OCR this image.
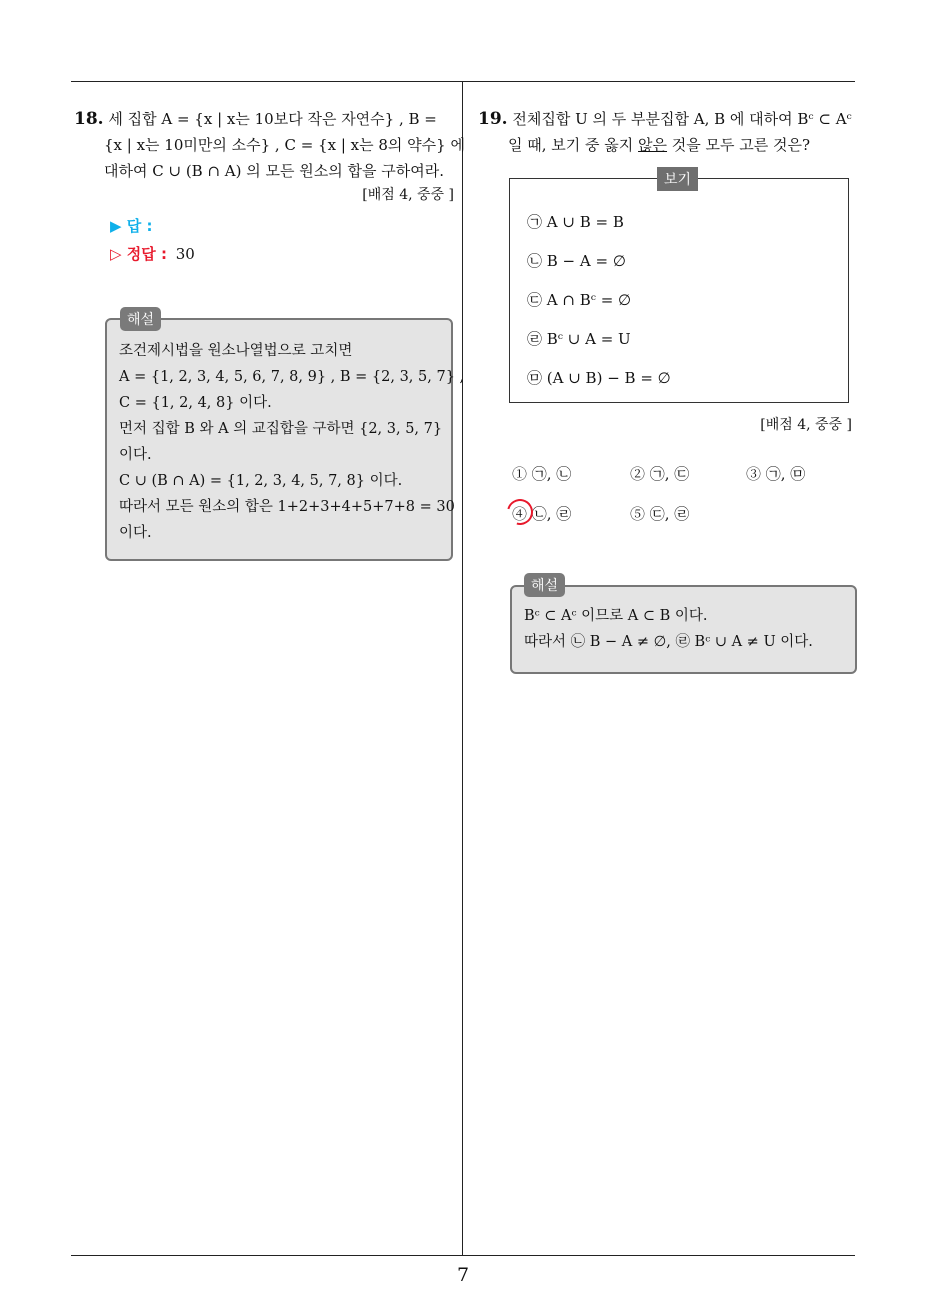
18. 세 집합 A = {x | x는 10보다 작은 자연수} , B =
{x | x는 10미만의 소수} , C = {x | x는 8의 약수} 에
대하여 C ∪ (B ∩ A) 의 모든 원소의 합을 구하여라.
[배점 4, 중중 ]
▶ 답 :
▷ 정답 : 30
조건제시법을 원소나열법으로 고치면
A = {1, 2, 3, 4, 5, 6, 7, 8, 9} , B = {2, 3, 5, 7} ,
C = {1, 2, 4, 8} 이다.
먼저 집합 B 와 A 의 교집합을 구하면 {2, 3, 5, 7}
이다.
C ∪ (B ∩ A) = {1, 2, 3, 4, 5, 7, 8} 이다.
따라서 모든 원소의 합은 1+2+3+4+5+7+8 = 30
이다.
해설
19. 전체집합 U 의 두 부분집합 A, B 에 대하여 Bᶜ ⊂ Aᶜ
일 때, 보기 중 옳지 않은 것을 모두 고른 것은?
㉠ A ∪ B = B
㉡ B − A = ∅
㉢ A ∩ Bᶜ = ∅
㉣ Bᶜ ∪ A = U
㉤ (A ∪ B) − B = ∅
보기
[배점 4, 중중 ]
① ㉠, ㉡	② ㉠, ㉢	③ ㉠, ㉤
④ ㉡, ㉣	⑤ ㉢, ㉣
Bᶜ ⊂ Aᶜ 이므로 A ⊂ B 이다.
따라서 ㉡ B − A ≠ ∅, ㉣ Bᶜ ∪ A ≠ U 이다.
해설
7
